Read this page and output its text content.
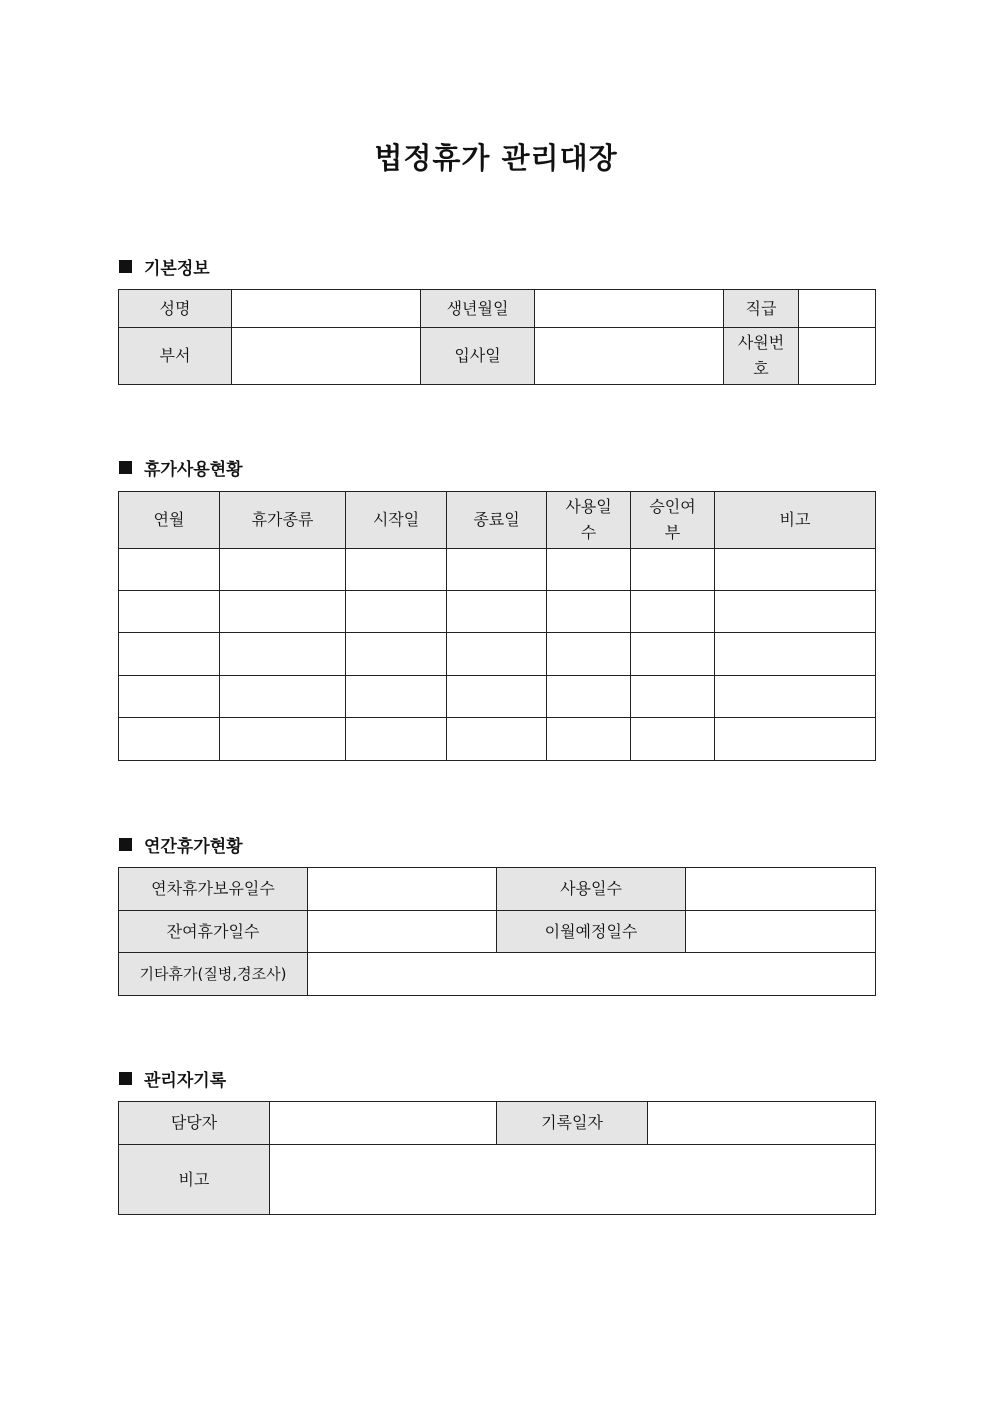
법정휴가 관리대장
기본정보
성명		생년월일		직급	
부서		입사일		사원번호	
휴가사용현황
연월	휴가종류	시작일	종료일	사용일수	승인여부	비고

연간휴가현황
연차휴가보유일수		사용일수	
잔여휴가일수		이월예정일수	
기타휴가(질병,경조사)			
관리자기록
담당자		기록일자	
비고			
